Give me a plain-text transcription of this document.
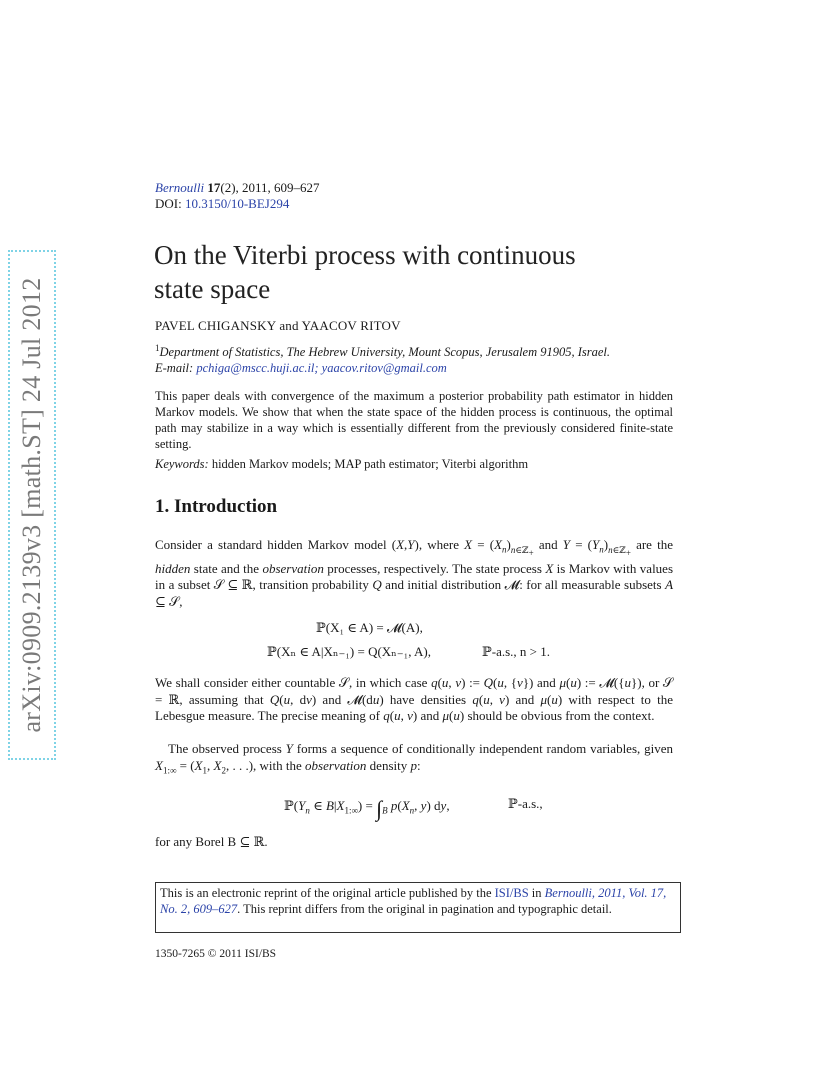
arXiv:0909.2139v3 [math.ST] 24 Jul 2012
Bernoulli 17(2), 2011, 609–627
DOI: 10.3150/10-BEJ294
On the Viterbi process with continuous
state space
PAVEL CHIGANSKY and YAACOV RITOV
$^1$Department of Statistics, The Hebrew University, Mount Scopus, Jerusalem 91905, Israel.
E-mail: pchiga@mscc.huji.ac.il; yaacov.ritov@gmail.com
This paper deals with convergence of the maximum a posterior probability path estimator in hidden Markov models. We show that when the state space of the hidden process is continuous, the optimal path may stabilize in a way which is essentially different from the previously considered finite-state setting.
Keywords: hidden Markov models; MAP path estimator; Viterbi algorithm
1. Introduction
Consider a standard hidden Markov model (X,Y), where $X = (X_n)_{n\in ℤ_+}$ and $Y = (Y_n)_{n\in ℤ_+}$ are the hidden state and the observation processes, respectively. The state process X is Markov with values in a subset 𝒮 ⊆ ℝ, transition probability Q and initial distribution 𝓜: for all measurable subsets A ⊆ 𝒮,
ℙ(X₁ ∈ A) = 𝓜(A),
ℙ(Xₙ ∈ A|Xₙ₋₁) = Q(Xₙ₋₁, A),	ℙ-a.s., n > 1.
We shall consider either countable 𝒮, in which case q(u, v) := Q(u, {v}) and μ(u) := 𝓜({u}), or 𝒮 = ℝ, assuming that Q(u, dv) and 𝓜(du) have densities q(u, v) and μ(u) with respect to the Lebesgue measure. The precise meaning of q(u, v) and μ(u) should be obvious from the context.
The observed process Y forms a sequence of conditionally independent random variables, given $X_{1:\infty} = (X_1$, $X_2$, . . .), with the observation density p:
$ℙ(Y_n$ ∈ $B|X_{1:\infty}) = \int_B$ $p(X_n$, y) dy,	ℙ-a.s.,
for any Borel B ⊆ ℝ.
This is an electronic reprint of the original article published by the ISI/BS in Bernoulli, 2011, Vol. 17, No. 2, 609–627. This reprint differs from the original in pagination and typographic detail.
1350-7265 © 2011 ISI/BS
